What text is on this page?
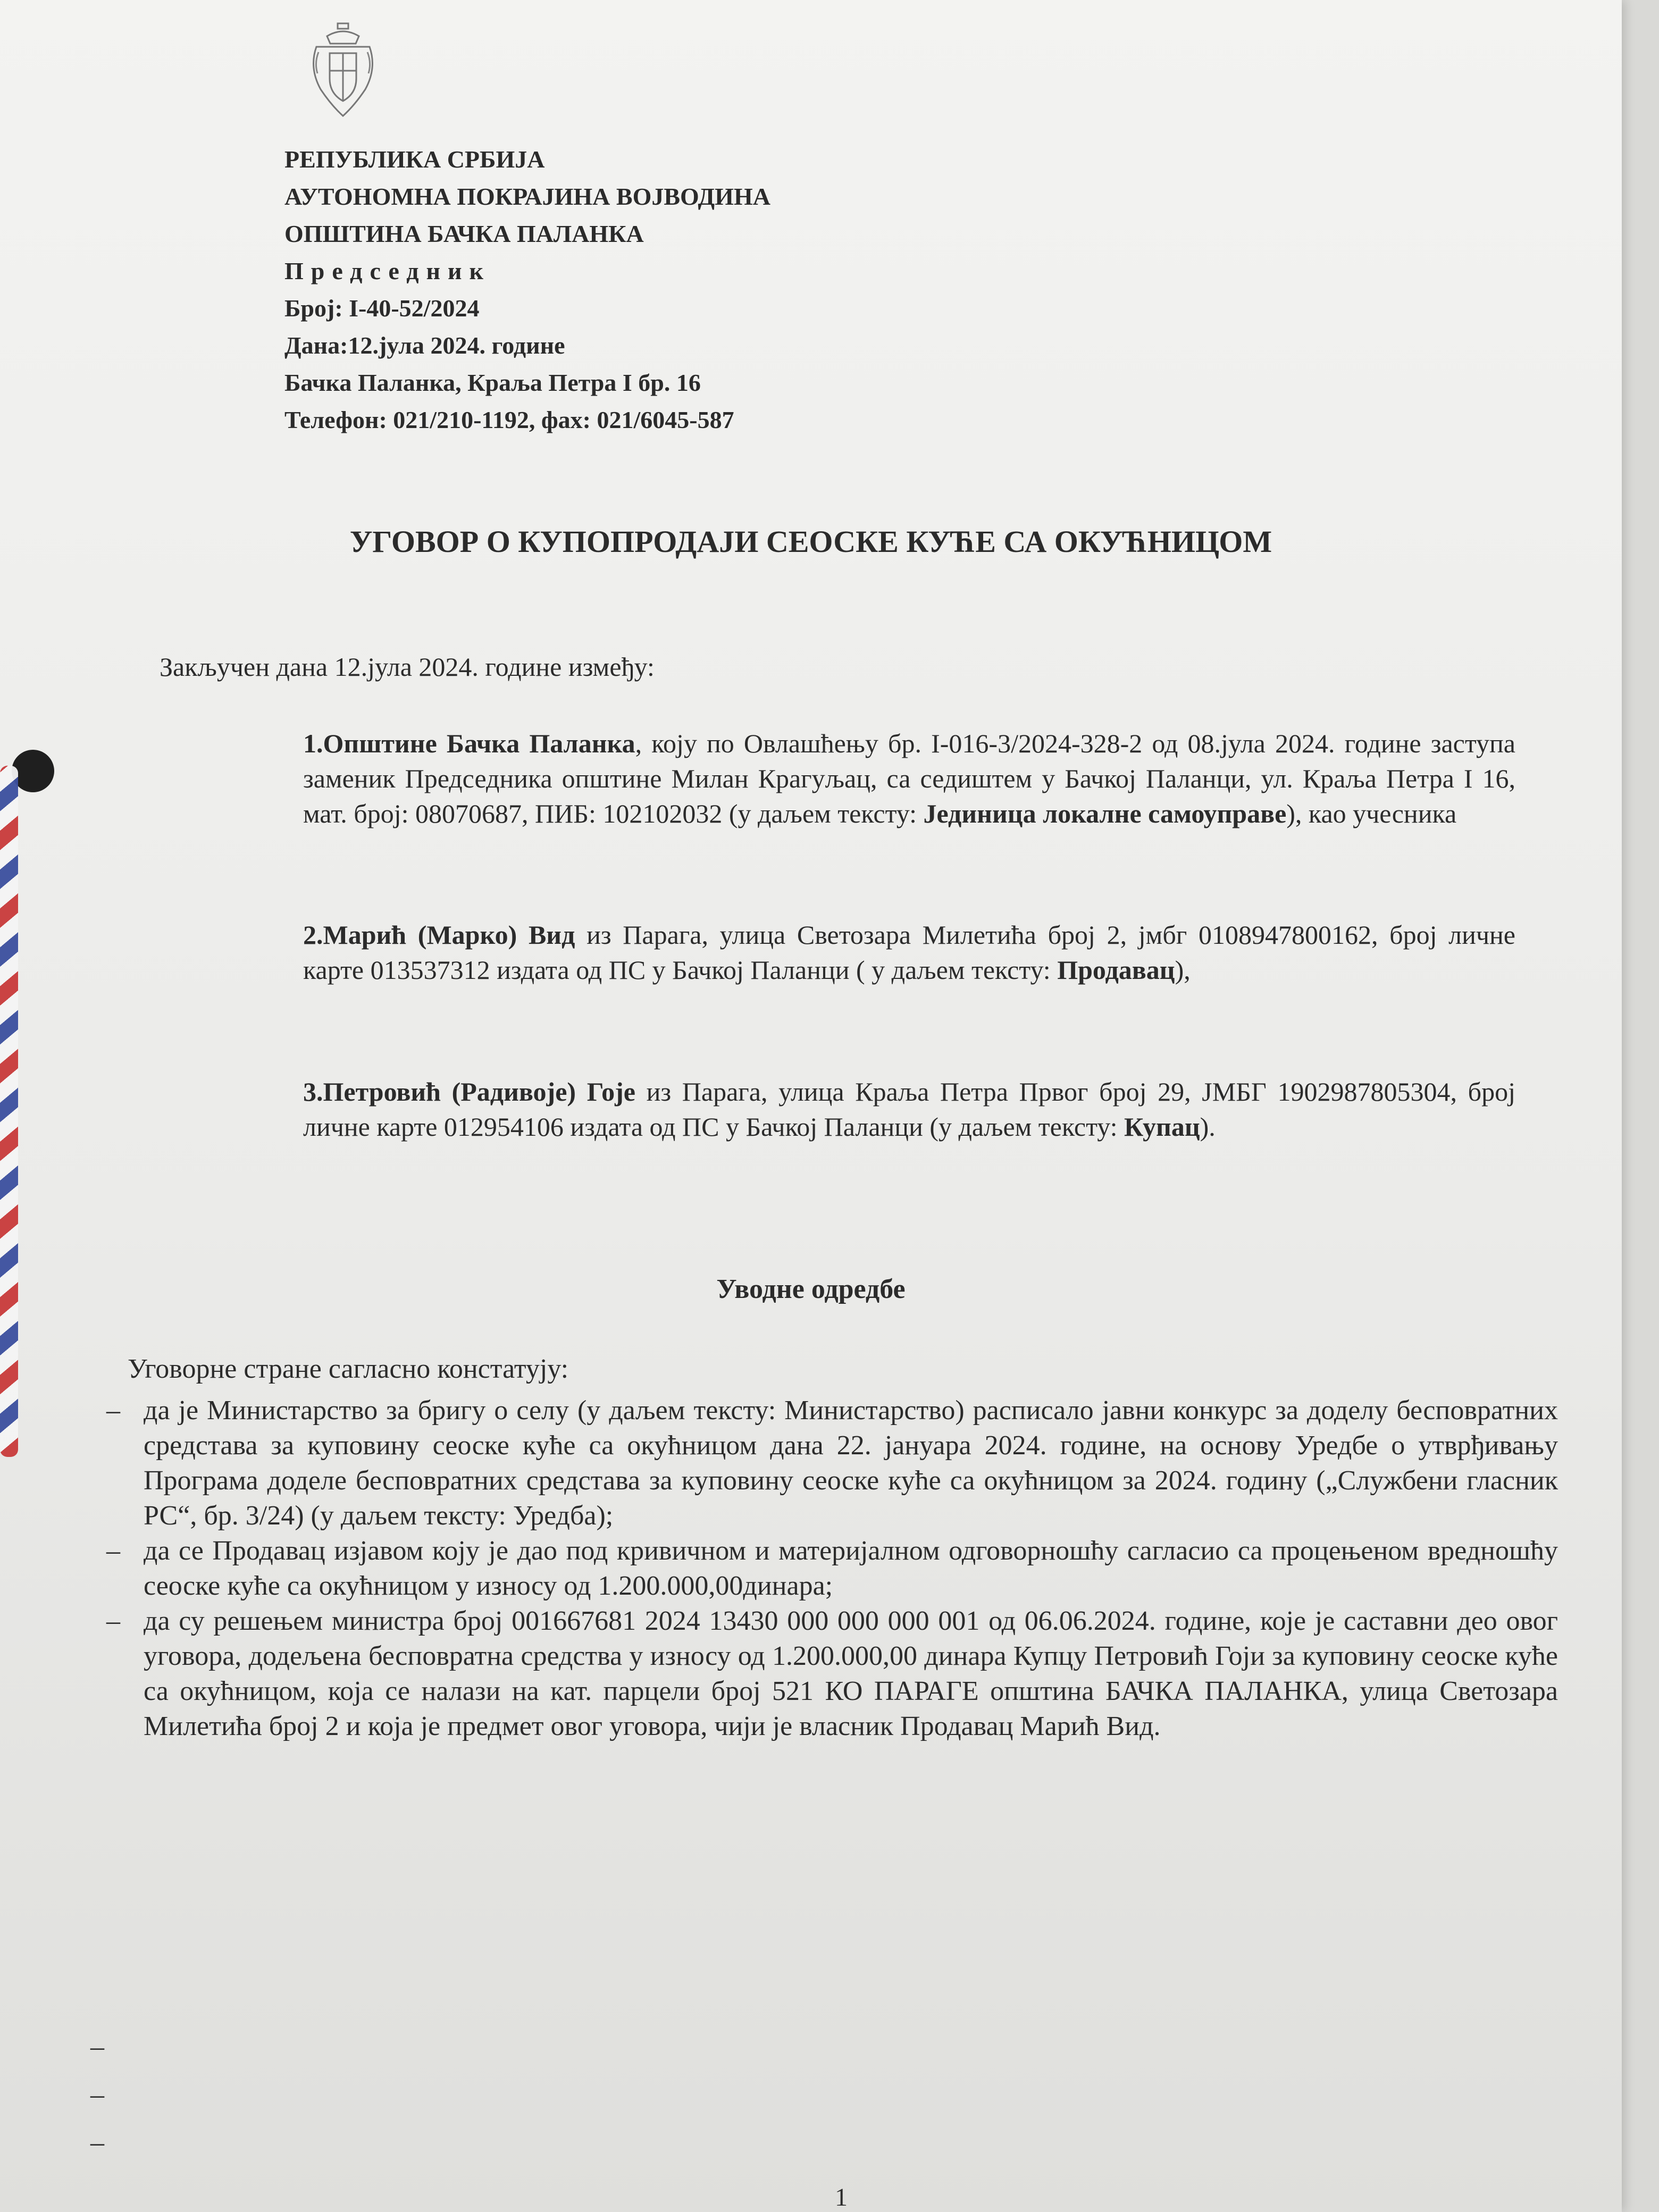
РЕПУБЛИКА СРБИЈА
АУТОНОМНА ПОКРАЈИНА ВОЈВОДИНА
ОПШТИНА БАЧКА ПАЛАНКА
Председник
Број: I-40-52/2024
Дана:12.јула 2024. године
Бачка Паланка, Краља Петра I бр. 16
Телефон: 021/210-1192, фах: 021/6045-587
УГОВОР О КУПОПРОДАЈИ СЕОСКЕ КУЋЕ СА ОКУЋНИЦОМ
Закључен дана 12.јула 2024. године између:
1.Општине Бачка Паланка, коју по Овлашћењу бр. I-016-3/2024-328-2 од 08.јула 2024. године заступа заменик Председника општине Милан Крагуљац, са седиштем у Бачкој Паланци, ул. Краља Петра I 16, мат. број: 08070687, ПИБ: 102102032 (у даљем тексту: Јединица локалне самоуправе), као учесника
2.Марић (Марко) Вид из Парага, улица Светозара Милетића број 2, јмбг 0108947800162, број личне карте 013537312 издата од ПС у Бачкој Паланци ( у даљем тексту: Продавац),
3.Петровић (Радивоје) Гоје из Парага, улица Краља Петра Првог број 29, ЈМБГ 1902987805304, број личне карте 012954106 издата од ПС у Бачкој Паланци (у даљем тексту: Купац).
Уводне одредбе
Уговорне стране сагласно констатују:
– да је Министарство за бригу о селу (у даљем тексту: Министарство) расписало јавни конкурс за доделу бесповратних средстава за куповину сеоске куће са окућницом дана 22. јануара 2024. године, на основу Уредбе о утврђивању Програма доделе бесповратних средстава за куповину сеоске куће са окућницом за 2024. годину („Службени гласник РС“, бр. 3/24) (у даљем тексту: Уредба);
– да се Продавац изјавом коју је дао под кривичном и материјалном одговорношћу сагласио са процењеном вредношћу сеоске куће са окућницом у износу од 1.200.000,00динара;
– да су решењем министра број 001667681 2024 13430 000 000 000 001 од 06.06.2024. године, које је саставни део овог уговора, додељена бесповратна средства у износу од 1.200.000,00 динара Купцу Петровић Гоји за куповину сеоске куће са окућницом, која се налази на кат. парцели број 521 КО ПАРАГЕ општина БАЧКА ПАЛАНКА, улица Светозара Милетића број 2 и која је предмет овог уговора, чији је власник Продавац Марић Вид.
–
–
–
1
